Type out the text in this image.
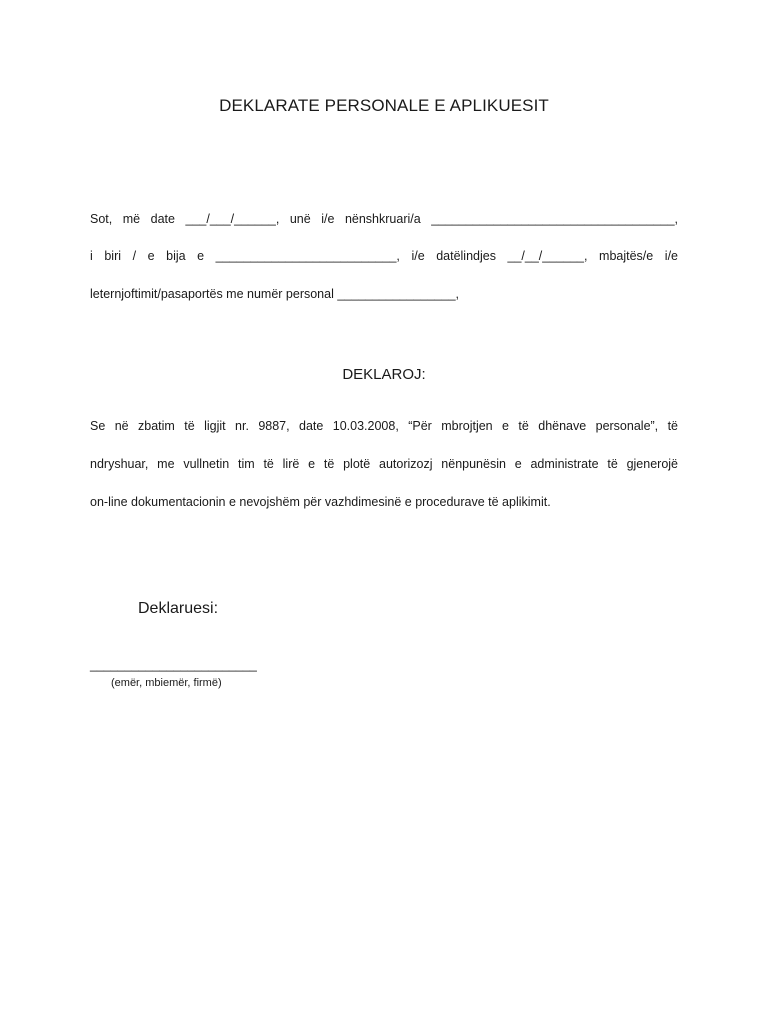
DEKLARATE PERSONALE E APLIKUESIT
Sot, më date ___/___/______, unë i/e nënshkruari/a ___________________________________,
i biri / e bija e __________________________, i/e datëlindjes __/__/______, mbajtës/e i/e
leternjoftimit/pasaportës me numër personal _________________,
DEKLAROJ:
Se në zbatim të ligjit nr. 9887, date 10.03.2008, “Për mbrojtjen e të dhënave personale”, të
ndryshuar, me vullnetin tim të lirë e të plotë autorizozj nënpunësin e administrate të gjenerojë
on-line dokumentacionin e nevojshëm për vazhdimesinë e procedurave të aplikimit.
Deklaruesi:
________________________
(emër, mbiemër, firmë)
